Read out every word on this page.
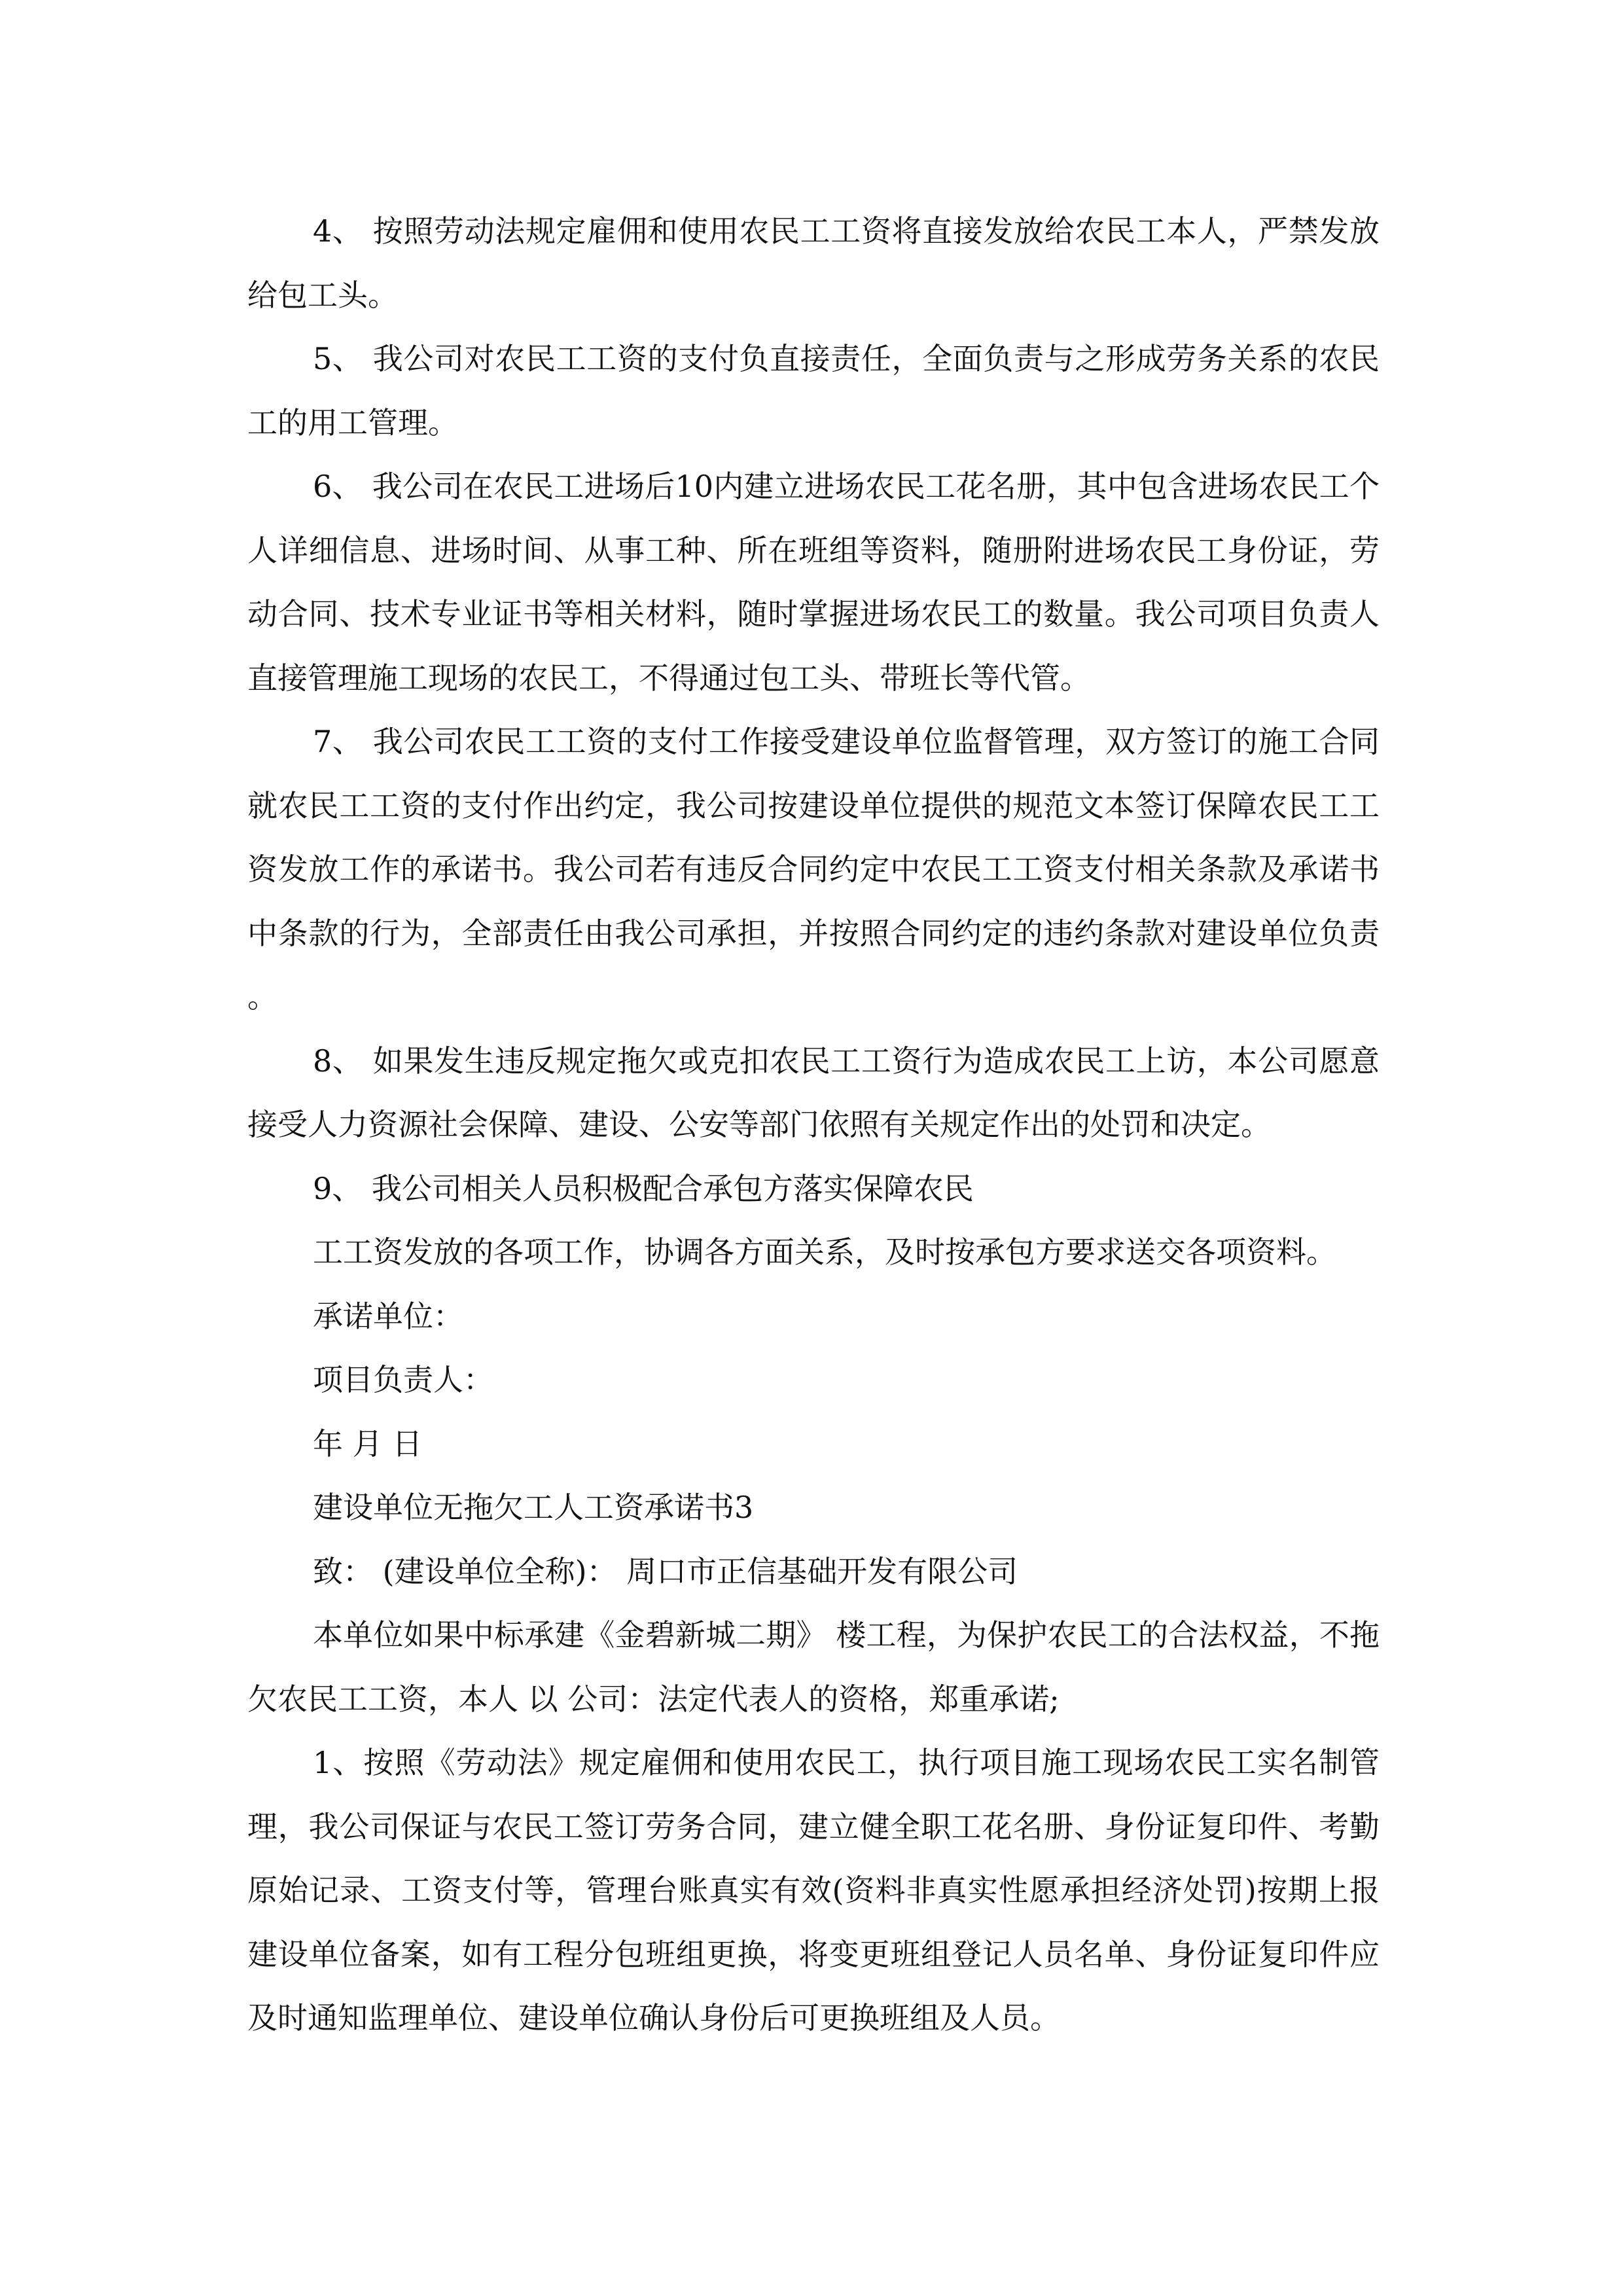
4、 按照劳动法规定雇佣和使用农民工工资将直接发放给农民工本人，严禁发放给包工头。

5、 我公司对农民工工资的支付负直接责任，全面负责与之形成劳务关系的农民工的用工管理。

6、 我公司在农民工进场后10内建立进场农民工花名册，其中包含进场农民工个人详细信息、进场时间、从事工种、所在班组等资料，随册附进场农民工身份证，劳动合同、技术专业证书等相关材料，随时掌握进场农民工的数量。我公司项目负责人直接管理施工现场的农民工，不得通过包工头、带班长等代管。

7、 我公司农民工工资的支付工作接受建设单位监督管理，双方签订的施工合同就农民工工资的支付作出约定，我公司按建设单位提供的规范文本签订保障农民工工资发放工作的承诺书。我公司若有违反合同约定中农民工工资支付相关条款及承诺书中条款的行为，全部责任由我公司承担，并按照合同约定的违约条款对建设单位负责。

8、 如果发生违反规定拖欠或克扣农民工工资行为造成农民工上访，本公司愿意接受人力资源社会保障、建设、公安等部门依照有关规定作出的处罚和决定。

9、 我公司相关人员积极配合承包方落实保障农民

工工资发放的各项工作，协调各方面关系，及时按承包方要求送交各项资料。

承诺单位：

项目负责人：

年 月 日

建设单位无拖欠工人工资承诺书3

致： (建设单位全称)： 周口市正信基础开发有限公司

本单位如果中标承建《金碧新城二期》 楼工程，为保护农民工的合法权益，不拖欠农民工工资，本人 以 公司：法定代表人的资格，郑重承诺;

1、按照《劳动法》规定雇佣和使用农民工，执行项目施工现场农民工实名制管理，我公司保证与农民工签订劳务合同，建立健全职工花名册、身份证复印件、考勤原始记录、工资支付等，管理台账真实有效(资料非真实性愿承担经济处罚)按期上报建设单位备案，如有工程分包班组更换，将变更班组登记人员名单、身份证复印件应及时通知监理单位、建设单位确认身份后可更换班组及人员。
